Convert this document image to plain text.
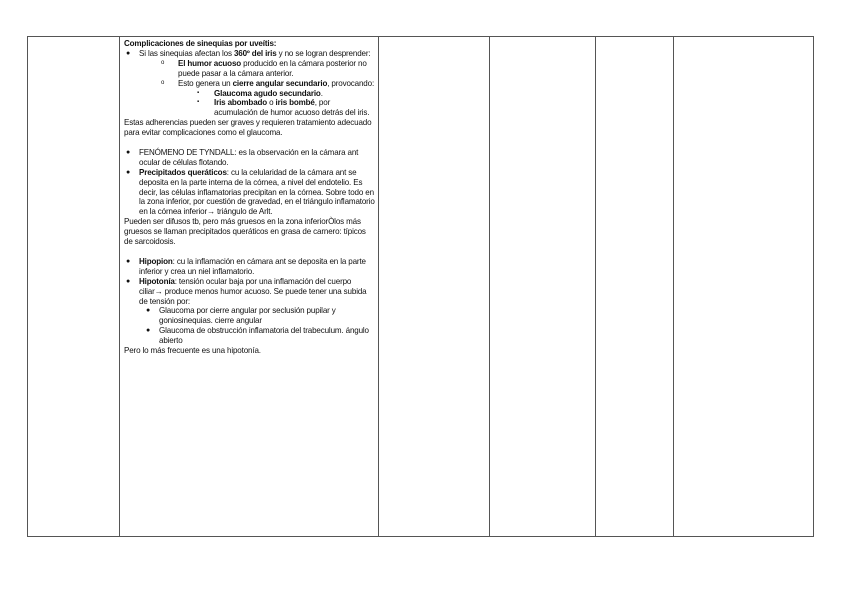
Complicaciones de sinequias por uveítis:

● Si las sinequias afectan los 360º del iris y no se logran desprender:
o El humor acuoso producido en la cámara posterior no puede pasar a la cámara anterior.
o Esto genera un cierre angular secundario, provocando:
▪ Glaucoma agudo secundario.
▪ Iris abombado o iris bombé, por acumulación de humor acuoso detrás del iris.

Estas adherencias pueden ser graves y requieren tratamiento adecuado para evitar complicaciones como el glaucoma.

● FENÓMENO DE TYNDALL: es la observación en la cámara ant ocular de células flotando.
● Precipitados queráticos: cu la celularidad de la cámara ant se deposita en la parte interna de la córnea, a nivel del endotelio. Es decir, las células inflamatorias precipitan en la córnea. Sobre todo en la zona inferior, por cuestión de gravedad, en el triángulo inflamatorio en la córnea inferior→ triángulo de Arlt.

Pueden ser difusos tb, pero más gruesos en la zona inferiorÒlos más gruesos se llaman precipitados queráticos en grasa de carnero: típicos de sarcoidosis.

● Hipopion: cu la inflamación en cámara ant se deposita en la parte inferior y crea un niel inflamatorio.
● Hipotonía: tensión ocular baja por una inflamación del cuerpo ciliar→ produce menos humor acuoso. Se puede tener una subida de tensión por:
● Glaucoma por cierre angular por seclusión pupilar y goniosinequias. cierre angular
● Glaucoma de obstrucción inflamatoria del trabeculum. ángulo abierto

Pero lo más frecuente es una hipotonía.
